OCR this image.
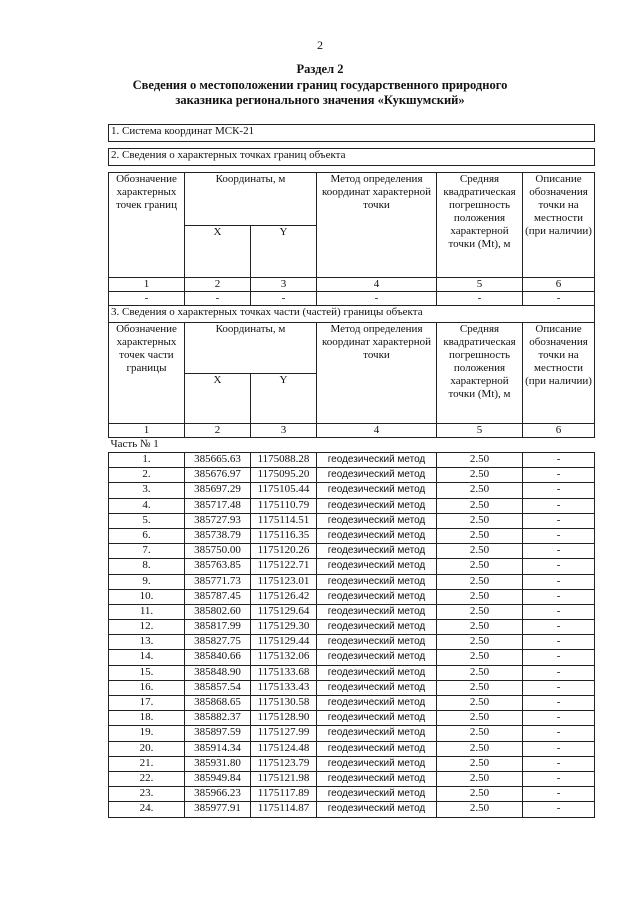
2
Раздел 2
Сведения о местоположении границ государственного природного заказника регионального значения «Кукшумский»
1. Система координат МСК-21					

2. Сведения о характерных точках границ объекта					

Обозначение характерных точек границ	Координаты, м		Метод определения координат характерной точки	Средняя квадратическая погрешность положения характерной точки (Mt), м	Описание обозначения точки на местности (при наличии)
	X	Y			
1	2	3	4	5	6
-	-	-	-	-	-
3. Сведения о характерных точках части (частей) границы объекта					
Обозначение характерных точек части границы	Координаты, м		Метод определения координат характерной точки	Средняя квадратическая погрешность положения характерной точки (Mt), м	Описание обозначения точки на местности (при наличии)
	X	Y			
1	2	3	4	5	6
Часть № 1					
1.	385665.63	1175088.28	геодезический метод	2.50	-
2.	385676.97	1175095.20	геодезический метод	2.50	-
3.	385697.29	1175105.44	геодезический метод	2.50	-
4.	385717.48	1175110.79	геодезический метод	2.50	-
5.	385727.93	1175114.51	геодезический метод	2.50	-
6.	385738.79	1175116.35	геодезический метод	2.50	-
7.	385750.00	1175120.26	геодезический метод	2.50	-
8.	385763.85	1175122.71	геодезический метод	2.50	-
9.	385771.73	1175123.01	геодезический метод	2.50	-
10.	385787.45	1175126.42	геодезический метод	2.50	-
11.	385802.60	1175129.64	геодезический метод	2.50	-
12.	385817.99	1175129.30	геодезический метод	2.50	-
13.	385827.75	1175129.44	геодезический метод	2.50	-
14.	385840.66	1175132.06	геодезический метод	2.50	-
15.	385848.90	1175133.68	геодезический метод	2.50	-
16.	385857.54	1175133.43	геодезический метод	2.50	-
17.	385868.65	1175130.58	геодезический метод	2.50	-
18.	385882.37	1175128.90	геодезический метод	2.50	-
19.	385897.59	1175127.99	геодезический метод	2.50	-
20.	385914.34	1175124.48	геодезический метод	2.50	-
21.	385931.80	1175123.79	геодезический метод	2.50	-
22.	385949.84	1175121.98	геодезический метод	2.50	-
23.	385966.23	1175117.89	геодезический метод	2.50	-
24.	385977.91	1175114.87	геодезический метод	2.50	-
